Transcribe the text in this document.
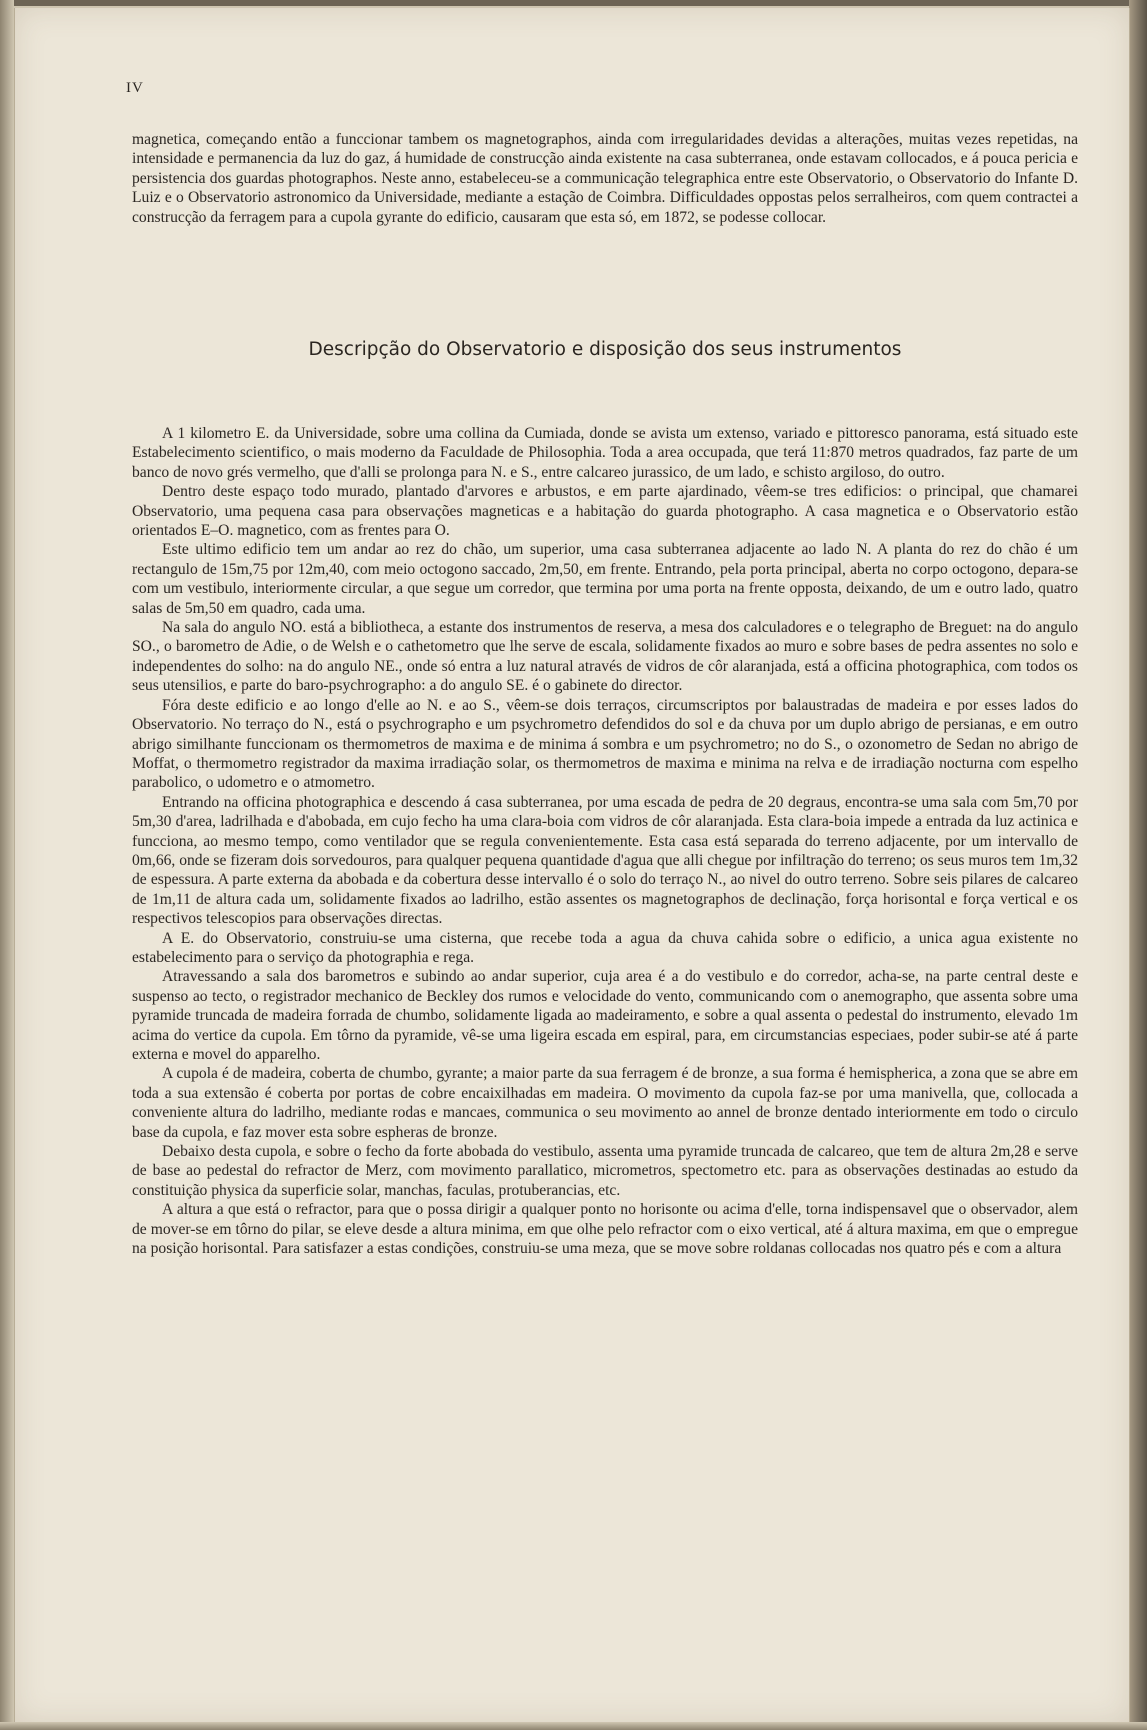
IV

magnetica, começando então a funccionar tambem os magnetographos, ainda com irregularidades devidas a alterações, muitas vezes repetidas, na intensidade e permanencia da luz do gaz, á humidade de construcção ainda existente na casa subterranea, onde estavam collocados, e á pouca pericia e persistencia dos guardas photographos. Neste anno, estabeleceu-se a communicação telegraphica entre este Observatorio, o Observatorio do Infante D. Luiz e o Observatorio astronomico da Universidade, mediante a estação de Coimbra. Difficuldades oppostas pelos serralheiros, com quem contractei a construcção da ferragem para a cupola gyrante do edificio, causaram que esta só, em 1872, se podesse collocar.

Descripção do Observatorio e disposição dos seus instrumentos

A 1 kilometro E. da Universidade, sobre uma collina da Cumiada, donde se avista um extenso, variado e pittoresco panorama, está situado este Estabelecimento scientifico, o mais moderno da Faculdade de Philosophia. Toda a area occupada, que terá 11:870 metros quadrados, faz parte de um banco de novo grés vermelho, que d'alli se prolonga para N. e S., entre calcareo jurassico, de um lado, e schisto argiloso, do outro.

Dentro deste espaço todo murado, plantado d'arvores e arbustos, e em parte ajardinado, vêem-se tres edificios: o principal, que chamarei Observatorio, uma pequena casa para observações magneticas e a habitação do guarda photographo. A casa magnetica e o Observatorio estão orientados E–O. magnetico, com as frentes para O.

Este ultimo edificio tem um andar ao rez do chão, um superior, uma casa subterranea adjacente ao lado N. A planta do rez do chão é um rectangulo de 15m,75 por 12m,40, com meio octogono saccado, 2m,50, em frente. Entrando, pela porta principal, aberta no corpo octogono, depara-se com um vestibulo, interiormente circular, a que segue um corredor, que termina por uma porta na frente opposta, deixando, de um e outro lado, quatro salas de 5m,50 em quadro, cada uma.

Na sala do angulo NO. está a bibliotheca, a estante dos instrumentos de reserva, a mesa dos calculadores e o telegrapho de Breguet: na do angulo SO., o barometro de Adie, o de Welsh e o cathetometro que lhe serve de escala, solidamente fixados ao muro e sobre bases de pedra assentes no solo e independentes do solho: na do angulo NE., onde só entra a luz natural através de vidros de côr alaranjada, está a officina photographica, com todos os seus utensilios, e parte do baro-psychrographo: a do angulo SE. é o gabinete do director.

Fóra deste edificio e ao longo d'elle ao N. e ao S., vêem-se dois terraços, circumscriptos por balaustradas de madeira e por esses lados do Observatorio. No terraço do N., está o psychrographo e um psychrometro defendidos do sol e da chuva por um duplo abrigo de persianas, e em outro abrigo similhante funccionam os thermometros de maxima e de minima á sombra e um psychrometro; no do S., o ozonometro de Sedan no abrigo de Moffat, o thermometro registrador da maxima irradiação solar, os thermometros de maxima e minima na relva e de irradiação nocturna com espelho parabolico, o udometro e o atmometro.

Entrando na officina photographica e descendo á casa subterranea, por uma escada de pedra de 20 degraus, encontra-se uma sala com 5m,70 por 5m,30 d'area, ladrilhada e d'abobada, em cujo fecho ha uma clara-boia com vidros de côr alaranjada. Esta clara-boia impede a entrada da luz actinica e funcciona, ao mesmo tempo, como ventilador que se regula convenientemente. Esta casa está separada do terreno adjacente, por um intervallo de 0m,66, onde se fizeram dois sorvedouros, para qualquer pequena quantidade d'agua que alli chegue por infiltração do terreno; os seus muros tem 1m,32 de espessura. A parte externa da abobada e da cobertura desse intervallo é o solo do terraço N., ao nivel do outro terreno. Sobre seis pilares de calcareo de 1m,11 de altura cada um, solidamente fixados ao ladrilho, estão assentes os magnetographos de declinação, força horisontal e força vertical e os respectivos telescopios para observações directas.

A E. do Observatorio, construiu-se uma cisterna, que recebe toda a agua da chuva cahida sobre o edificio, a unica agua existente no estabelecimento para o serviço da photographia e rega.

Atravessando a sala dos barometros e subindo ao andar superior, cuja area é a do vestibulo e do corredor, acha-se, na parte central deste e suspenso ao tecto, o registrador mechanico de Beckley dos rumos e velocidade do vento, communicando com o anemographo, que assenta sobre uma pyramide truncada de madeira forrada de chumbo, solidamente ligada ao madeiramento, e sobre a qual assenta o pedestal do instrumento, elevado 1m acima do vertice da cupola. Em tôrno da pyramide, vê-se uma ligeira escada em espiral, para, em circumstancias especiaes, poder subir-se até á parte externa e movel do apparelho.

A cupola é de madeira, coberta de chumbo, gyrante; a maior parte da sua ferragem é de bronze, a sua forma é hemispherica, a zona que se abre em toda a sua extensão é coberta por portas de cobre encaixilhadas em madeira. O movimento da cupola faz-se por uma manivella, que, collocada a conveniente altura do ladrilho, mediante rodas e mancaes, communica o seu movimento ao annel de bronze dentado interiormente em todo o circulo base da cupola, e faz mover esta sobre espheras de bronze.

Debaixo desta cupola, e sobre o fecho da forte abobada do vestibulo, assenta uma pyramide truncada de calcareo, que tem de altura 2m,28 e serve de base ao pedestal do refractor de Merz, com movimento parallatico, micrometros, spectometro etc. para as observações destinadas ao estudo da constituição physica da superficie solar, manchas, faculas, protuberancias, etc.

A altura a que está o refractor, para que o possa dirigir a qualquer ponto no horisonte ou acima d'elle, torna indispensavel que o observador, alem de mover-se em tôrno do pilar, se eleve desde a altura minima, em que olhe pelo refractor com o eixo vertical, até á altura maxima, em que o empregue na posição horisontal. Para satisfazer a estas condições, construiu-se uma meza, que se move sobre roldanas collocadas nos quatro pés e com a altura
